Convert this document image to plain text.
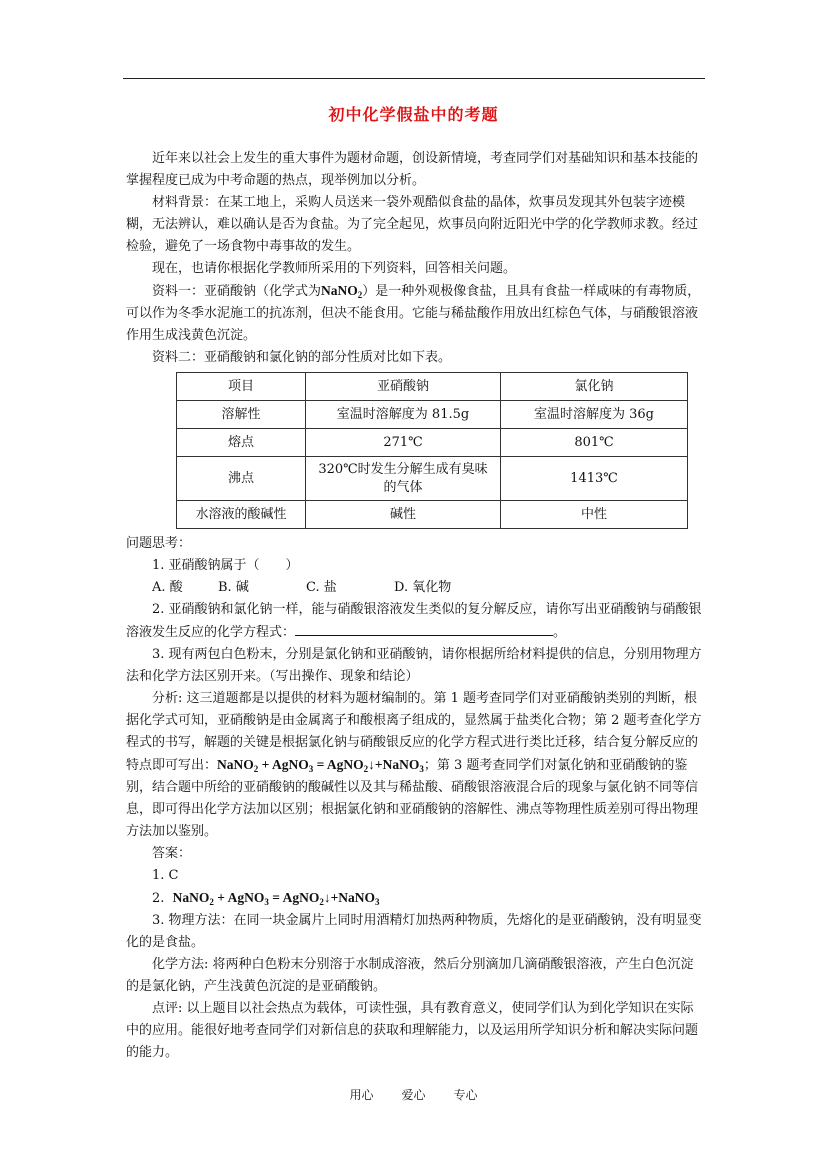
初中化学假盐中的考题

近年来以社会上发生的重大事件为题材命题，创设新情境，考查同学们对基础知识和基本技能的掌握程度已成为中考命题的热点，现举例加以分析。

材料背景：在某工地上，采购人员送来一袋外观酷似食盐的晶体，炊事员发现其外包装字迹模糊，无法辨认，难以确认是否为食盐。为了完全起见，炊事员向附近阳光中学的化学教师求教。经过检验，避免了一场食物中毒事故的发生。

现在，也请你根据化学教师所采用的下列资料，回答相关问题。

资料一：亚硝酸钠（化学式为NaNO$_2$）是一种外观极像食盐，且具有食盐一样咸味的有毒物质，可以作为冬季水泥施工的抗冻剂，但决不能食用。它能与稀盐酸作用放出红棕色气体，与硝酸银溶液作用生成浅黄色沉淀。

资料二：亚硝酸钠和氯化钠的部分性质对比如下表。

项目	亚硝酸钠	氯化钠
溶解性	室温时溶解度为 81.5g	室温时溶解度为 36g
熔点	271℃	801℃
沸点	320℃时发生分解生成有臭味的气体	1413℃
水溶液的酸碱性	碱性	中性

问题思考：

1. 亚硝酸钠属于（　　）

A. 酸	B. 碱	C. 盐	D. 氧化物

2. 亚硝酸钠和氯化钠一样，能与硝酸银溶液发生类似的复分解反应，请你写出亚硝酸钠与硝酸银溶液发生反应的化学方程式：	。

3. 现有两包白色粉末，分别是氯化钠和亚硝酸钠，请你根据所给材料提供的信息，分别用物理方法和化学方法区别开来。（写出操作、现象和结论）

分析: 这三道题都是以提供的材料为题材编制的。第 1 题考查同学们对亚硝酸钠类别的判断，根据化学式可知，亚硝酸钠是由金属离子和酸根离子组成的，显然属于盐类化合物；第 2 题考查化学方程式的书写，解题的关键是根据氯化钠与硝酸银反应的化学方程式进行类比迁移，结合复分解反应的特点即可写出：NaNO$_2$ + AgNO$_3$ = AgNO$_2$↓+NaNO$_3$；第 3 题考查同学们对氯化钠和亚硝酸钠的鉴别，结合题中所给的亚硝酸钠的酸碱性以及其与稀盐酸、硝酸银溶液混合后的现象与氯化钠不同等信息，即可得出化学方法加以区别；根据氯化钠和亚硝酸钠的溶解性、沸点等物理性质差别可得出物理方法加以鉴别。

答案：

1. C

2. NaNO$_2$ + AgNO$_3$ = AgNO$_2$↓+NaNO$_3$

3. 物理方法：在同一块金属片上同时用酒精灯加热两种物质，先熔化的是亚硝酸钠，没有明显变化的是食盐。

化学方法: 将两种白色粉末分别溶于水制成溶液，然后分别滴加几滴硝酸银溶液，产生白色沉淀的是氯化钠，产生浅黄色沉淀的是亚硝酸钠。

点评: 以上题目以社会热点为载体，可读性强，具有教育意义，使同学们认为到化学知识在实际中的应用。能很好地考查同学们对新信息的获取和理解能力，以及运用所学知识分析和解决实际问题的能力。

用心 爱心 专心
